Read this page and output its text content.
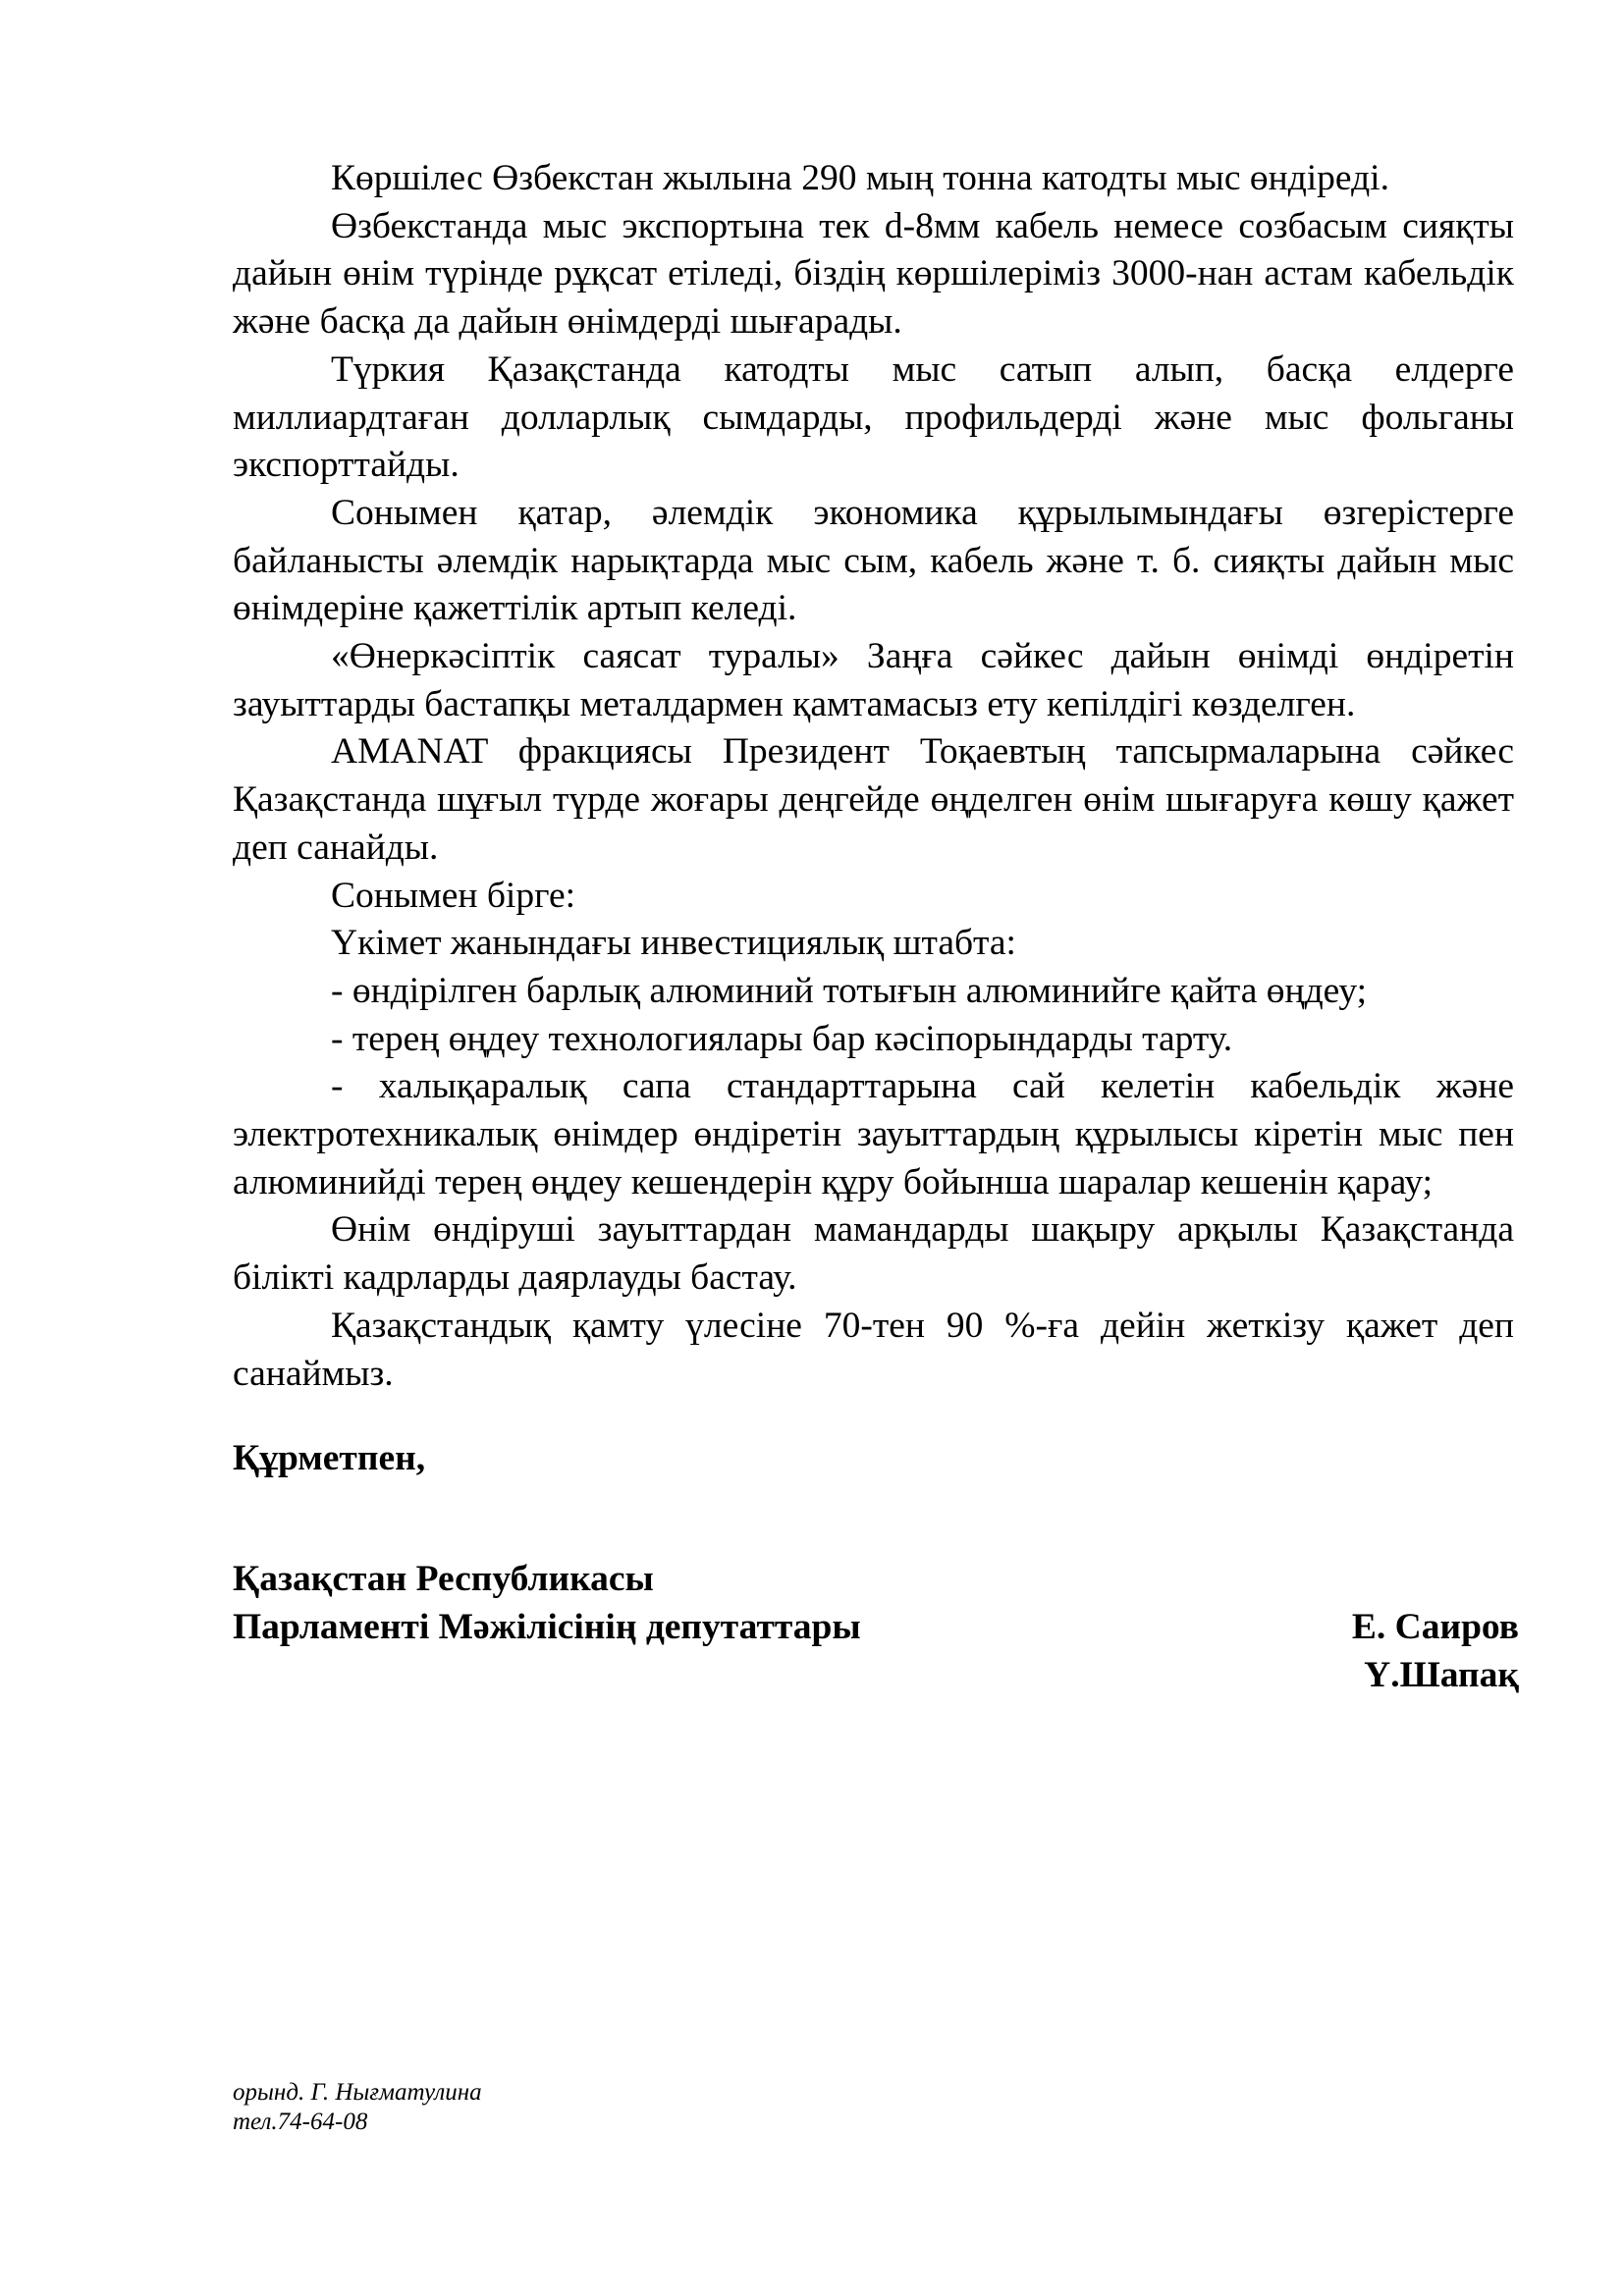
Көршілес Өзбекстан жылына 290 мың тонна катодты мыс өндіреді.

Өзбекстанда мыс экспортына тек d-8мм кабель немесе созбасым сияқты дайын өнім түрінде рұқсат етіледі, біздің көршілеріміз 3000-нан астам кабельдік және басқа да дайын өнімдерді шығарады.

Түркия Қазақстанда катодты мыс сатып алып, басқа елдерге миллиардтаған долларлық сымдарды, профильдерді және мыс фольганы экспорттайды.

Сонымен қатар, әлемдік экономика құрылымындағы өзгерістерге байланысты әлемдік нарықтарда мыс сым, кабель және т. б. сияқты дайын мыс өнімдеріне қажеттілік артып келеді.

«Өнеркәсіптік саясат туралы» Заңға сәйкес дайын өнімді өндіретін зауыттарды бастапқы металдармен қамтамасыз ету кепілдігі көзделген.

AMANAT фракциясы Президент Тоқаевтың тапсырмаларына сәйкес Қазақстанда шұғыл түрде жоғары деңгейде өңделген өнім шығаруға көшу қажет деп санайды.

Сонымен бірге:

Үкімет жанындағы инвестициялық штабта:

- өндірілген барлық алюминий тотығын алюминийге қайта өңдеу;

- терең өңдеу технологиялары бар кәсіпорындарды тарту.

- халықаралық сапа стандарттарына сай келетін кабельдік және электротехникалық өнімдер өндіретін зауыттардың құрылысы кіретін мыс пен алюминийді терең өңдеу кешендерін құру бойынша шаралар кешенін қарау;

Өнім өндіруші зауыттардан мамандарды шақыру арқылы Қазақстанда білікті кадрларды даярлауды бастау.

Қазақстандық қамту үлесіне 70-тен 90 %-ға дейін жеткізу қажет деп санаймыз.

Құрметпен,
Қазақстан Республикасы
Парламенті Мәжілісінің депутаттары	Е. Саиров
Ү.Шапақ
орынд. Г. Нығматулина
тел.74-64-08
